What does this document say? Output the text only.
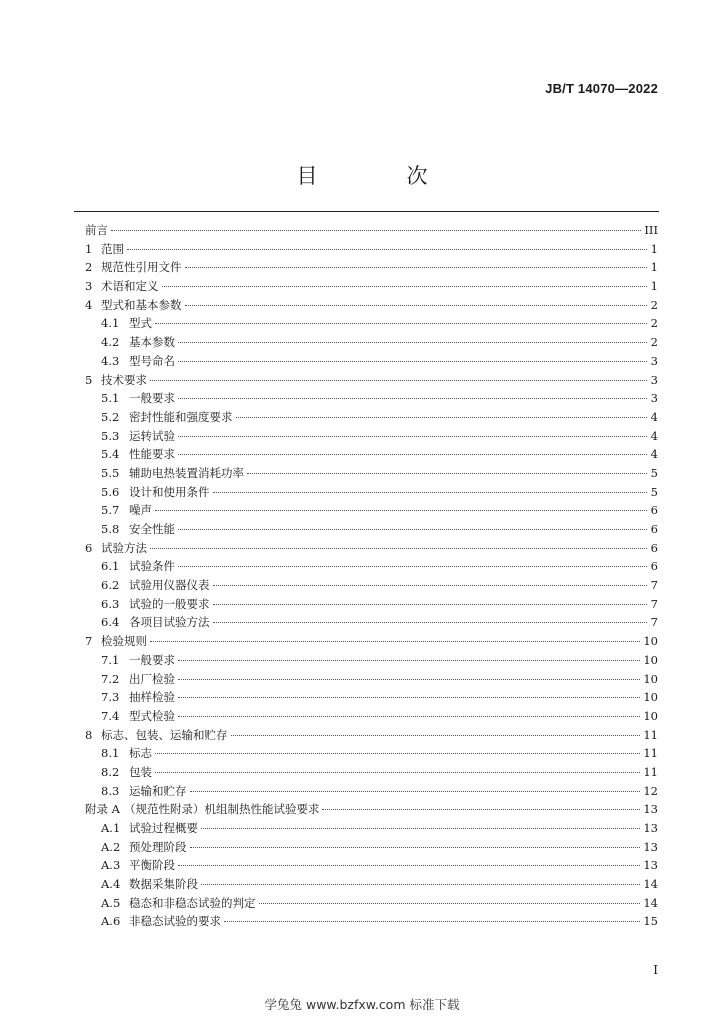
JB/T 14070—2022
目　次
前言	III
1 范围	1
2 规范性引用文件	1
3 术语和定义	1
4 型式和基本参数	2
4.1 型式	2
4.2 基本参数	2
4.3 型号命名	3
5 技术要求	3
5.1 一般要求	3
5.2 密封性能和强度要求	4
5.3 运转试验	4
5.4 性能要求	4
5.5 辅助电热装置消耗功率	5
5.6 设计和使用条件	5
5.7 噪声	6
5.8 安全性能	6
6 试验方法	6
6.1 试验条件	6
6.2 试验用仪器仪表	7
6.3 试验的一般要求	7
6.4 各项目试验方法	7
7 检验规则	10
7.1 一般要求	10
7.2 出厂检验	10
7.3 抽样检验	10
7.4 型式检验	10
8 标志、包装、运输和贮存	11
8.1 标志	11
8.2 包装	11
8.3 运输和贮存	12
附录 A （规范性附录）机组制热性能试验要求	13
A.1 试验过程概要	13
A.2 预处理阶段	13
A.3 平衡阶段	13
A.4 数据采集阶段	14
A.5 稳态和非稳态试验的判定	14
A.6 非稳态试验的要求	15
I
学兔兔 www.bzfxw.com 标准下载
